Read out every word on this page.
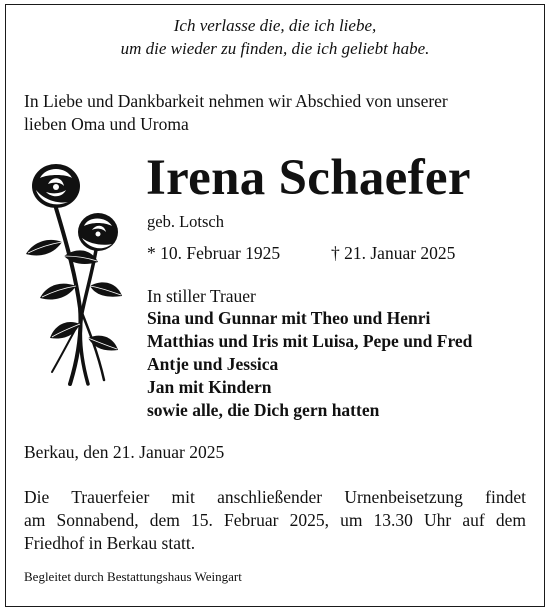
Ich verlasse die, die ich liebe,
um die wieder zu finden, die ich geliebt habe.
In Liebe und Dankbarkeit nehmen wir Abschied von unserer
lieben Oma und Uroma
Irena Schaefer
geb. Lotsch
* 10. Februar 1925	† 21. Januar 2025
In stiller Trauer
Sina und Gunnar mit Theo und Henri
Matthias und Iris mit Luisa, Pepe und Fred
Antje und Jessica
Jan mit Kindern
sowie alle, die Dich gern hatten
Berkau, den 21. Januar 2025
Die Trauerfeier mit anschließender Urnenbeisetzung findet
am Sonnabend, dem 15. Februar 2025, um 13.30 Uhr auf dem
Friedhof in Berkau statt.
Begleitet durch Bestattungshaus Weingart
